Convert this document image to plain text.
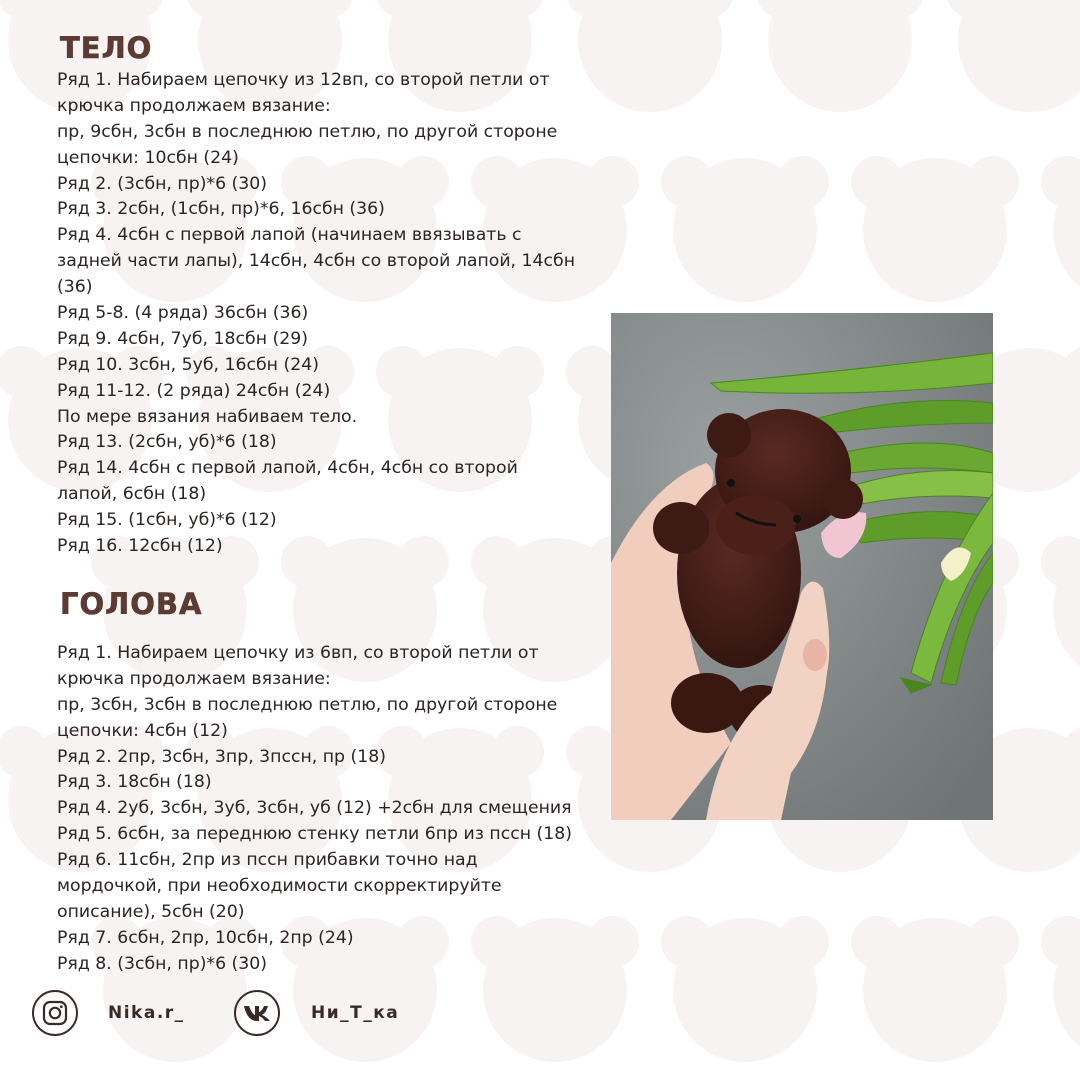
ТЕЛО
Ряд 1. Набираем цепочку из 12вп, со второй петли от
крючка продолжаем вязание:
пр, 9сбн, 3сбн в последнюю петлю, по другой стороне
цепочки: 10сбн (24)
Ряд 2. (3сбн, пр)*6 (30)
Ряд 3. 2сбн, (1сбн, пр)*6, 16сбн (36)
Ряд 4. 4сбн с первой лапой (начинаем ввязывать с
задней части лапы), 14сбн, 4сбн со второй лапой, 14сбн
(36)
Ряд 5-8. (4 ряда) 36сбн (36)
Ряд 9. 4сбн, 7уб, 18сбн (29)
Ряд 10. 3сбн, 5уб, 16сбн (24)
Ряд 11-12. (2 ряда) 24сбн (24)
По мере вязания набиваем тело.
Ряд 13. (2сбн, уб)*6 (18)
Ряд 14. 4сбн с первой лапой, 4сбн, 4сбн со второй
лапой, 6сбн (18)
Ряд 15. (1сбн, уб)*6 (12)
Ряд 16. 12сбн (12)
ГОЛОВА
Ряд 1. Набираем цепочку из 6вп, со второй петли от
крючка продолжаем вязание:
пр, 3сбн, 3сбн в последнюю петлю, по другой стороне
цепочки: 4сбн (12)
Ряд 2. 2пр, 3сбн, 3пр, 3пссн, пр (18)
Ряд 3. 18сбн (18)
Ряд 4. 2уб, 3сбн, 3уб, 3сбн, уб (12) +2сбн для смещения
Ряд 5. 6сбн, за переднюю стенку петли 6пр из пссн (18)
Ряд 6. 11сбн, 2пр из пссн прибавки точно над
мордочкой, при необходимости скорректируйте
описание), 5сбн (20)
Ряд 7. 6сбн, 2пр, 10сбн, 2пр (24)
Ряд 8. (3сбн, пр)*6 (30)
Nika.r_	Ни_Т_ка
